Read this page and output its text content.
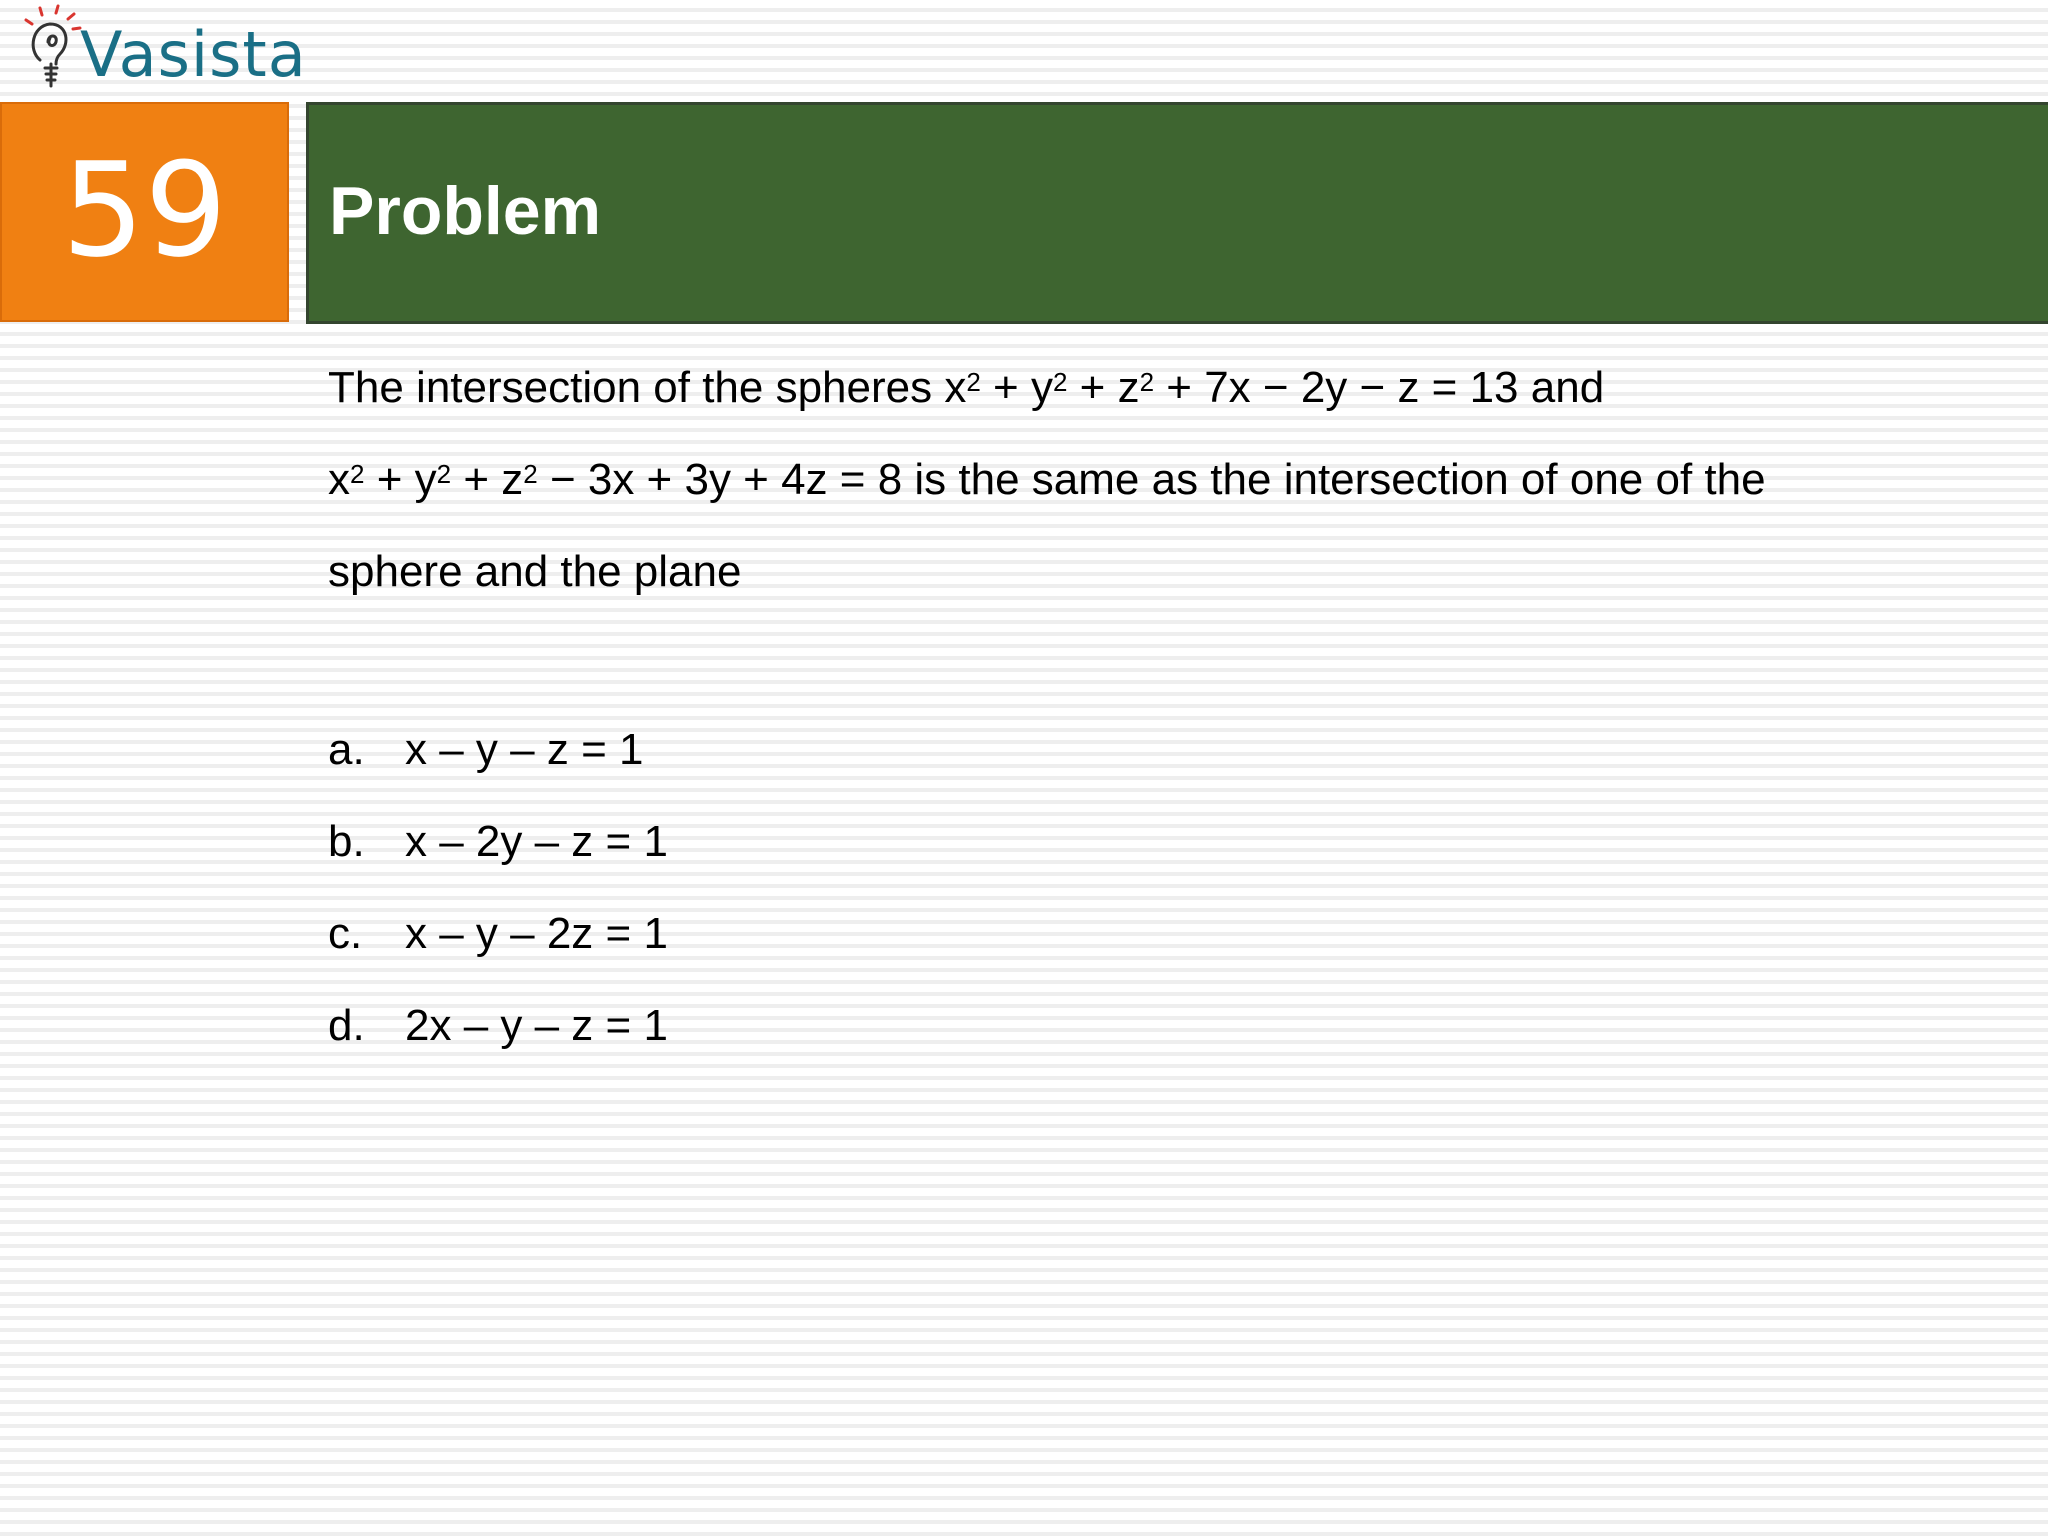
Vasista
59 Problem

The intersection of the spheres $x^2 + y^2 + z^2 + 7x - 2y - z = 13$ and

$x^2 + y^2 + z^2 - 3x + 3y + 4z = 8$ is the same as the intersection of one of the

sphere and the plane

a. x – y – z = 1
b. x – 2y – z = 1
c. x – y – 2z = 1
d. 2x – y – z = 1
